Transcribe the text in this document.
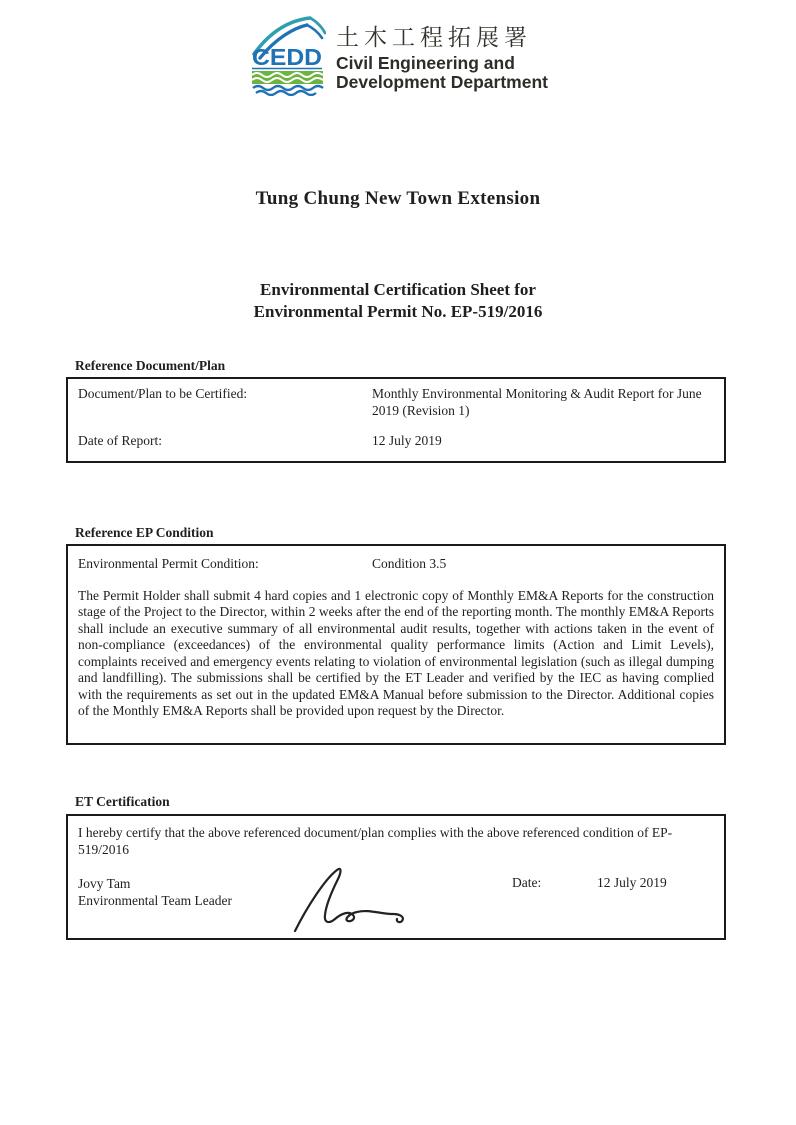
CEDD
土木工程拓展署
Civil Engineering and
Development Department
Tung Chung New Town Extension
Environmental Certification Sheet for
Environmental Permit No. EP-519/2016
Reference Document/Plan
Document/Plan to be Certified:	Monthly Environmental Monitoring & Audit Report for June 2019 (Revision 1)
Date of Report:	12 July 2019
Reference EP Condition
Environmental Permit Condition:	Condition 3.5

The Permit Holder shall submit 4 hard copies and 1 electronic copy of Monthly EM&A Reports for the construction stage of the Project to the Director, within 2 weeks after the end of the reporting month. The monthly EM&A Reports shall include an executive summary of all environmental audit results, together with actions taken in the event of non-compliance (exceedances) of the environmental quality performance limits (Action and Limit Levels), complaints received and emergency events relating to violation of environmental legislation (such as illegal dumping and landfilling). The submissions shall be certified by the ET Leader and verified by the IEC as having complied with the requirements as set out in the updated EM&A Manual before submission to the Director. Additional copies of the Monthly EM&A Reports shall be provided upon request by the Director.

ET Certification
I hereby certify that the above referenced document/plan complies with the above referenced condition of EP-519/2016
Jovy Tam
Environmental Team Leader
Date:	12 July 2019
